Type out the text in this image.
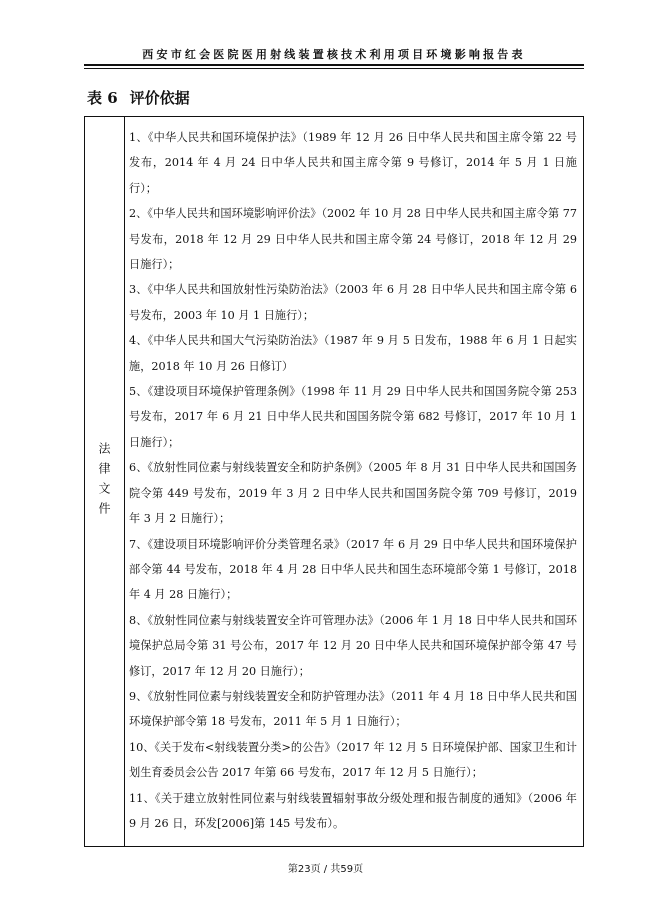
西安市红会医院医用射线装置核技术利用项目环境影响报告表
表 6 评价依据
法律文件
1、《中华人民共和国环境保护法》（1989 年 12 月 26 日中华人民共和国主席令第 22 号发布，2014 年 4 月 24 日中华人民共和国主席令第 9 号修订，2014 年 5 月 1 日施行）；
2、《中华人民共和国环境影响评价法》（2002 年 10 月 28 日中华人民共和国主席令第 77 号发布，2018 年 12 月 29 日中华人民共和国主席令第 24 号修订，2018 年 12 月 29 日施行）；
3、《中华人民共和国放射性污染防治法》（2003 年 6 月 28 日中华人民共和国主席令第 6 号发布，2003 年 10 月 1 日施行）；
4、《中华人民共和国大气污染防治法》（1987 年 9 月 5 日发布，1988 年 6 月 1 日起实施，2018 年 10 月 26 日修订）
5、《建设项目环境保护管理条例》（1998 年 11 月 29 日中华人民共和国国务院令第 253 号发布，2017 年 6 月 21 日中华人民共和国国务院令第 682 号修订，2017 年 10 月 1 日施行）；
6、《放射性同位素与射线装置安全和防护条例》（2005 年 8 月 31 日中华人民共和国国务院令第 449 号发布，2019 年 3 月 2 日中华人民共和国国务院令第 709 号修订，2019 年 3 月 2 日施行）；
7、《建设项目环境影响评价分类管理名录》（2017 年 6 月 29 日中华人民共和国环境保护部令第 44 号发布，2018 年 4 月 28 日中华人民共和国生态环境部令第 1 号修订，2018 年 4 月 28 日施行）；
8、《放射性同位素与射线装置安全许可管理办法》（2006 年 1 月 18 日中华人民共和国环境保护总局令第 31 号公布，2017 年 12 月 20 日中华人民共和国环境保护部令第 47 号修订，2017 年 12 月 20 日施行）；
9、《放射性同位素与射线装置安全和防护管理办法》（2011 年 4 月 18 日中华人民共和国环境保护部令第 18 号发布，2011 年 5 月 1 日施行）；
10、《关于发布<射线装置分类>的公告》（2017 年 12 月 5 日环境保护部、国家卫生和计划生育委员会公告 2017 年第 66 号发布，2017 年 12 月 5 日施行）；
11、《关于建立放射性同位素与射线装置辐射事故分级处理和报告制度的通知》（2006 年 9 月 26 日，环发[2006]第 145 号发布）。
第23页 / 共59页
